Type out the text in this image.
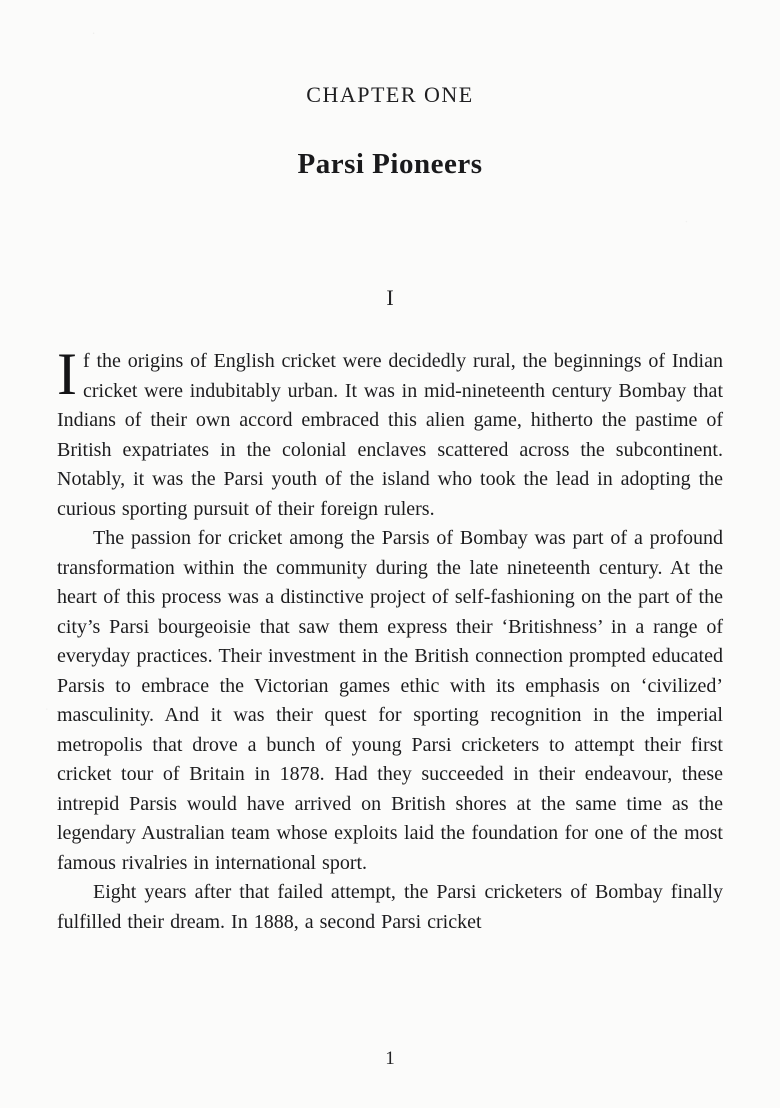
CHAPTER ONE
Parsi Pioneers
I

If the origins of English cricket were decidedly rural, the beginnings of Indian cricket were indubitably urban. It was in mid-nineteenth century Bombay that Indians of their own accord embraced this alien game, hitherto the pastime of British expatriates in the colonial enclaves scattered across the subcontinent. Notably, it was the Parsi youth of the island who took the lead in adopting the curious sporting pursuit of their foreign rulers.

The passion for cricket among the Parsis of Bombay was part of a profound transformation within the community during the late nineteenth century. At the heart of this process was a distinctive project of self-fashioning on the part of the city’s Parsi bourgeoisie that saw them express their ‘Britishness’ in a range of everyday practices. Their investment in the British connection prompted educated Parsis to embrace the Victorian games ethic with its emphasis on ‘civilized’ masculinity. And it was their quest for sporting recognition in the imperial metropolis that drove a bunch of young Parsi cricketers to attempt their first cricket tour of Britain in 1878. Had they succeeded in their endeavour, these intrepid Parsis would have arrived on British shores at the same time as the legendary Australian team whose exploits laid the foundation for one of the most famous rivalries in international sport.

Eight years after that failed attempt, the Parsi cricketers of Bombay finally fulfilled their dream. In 1888, a second Parsi cricket

1
